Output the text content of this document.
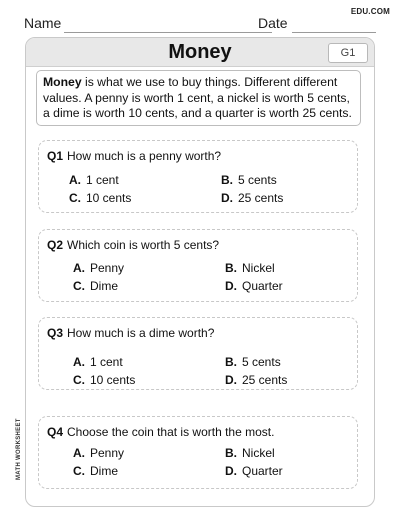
EDU.COM
Name	Date
Money	G1
Money is what we use to buy things. Different different values. A penny is worth 1 cent, a nickel is worth 5 cents, a dime is worth 10 cents, and a quarter is worth 25 cents.
Q1 How much is a penny worth?
A. 1 cent	B. 5 cents
C. 10 cents	D. 25 cents
Q2 Which coin is worth 5 cents?
A. Penny	B. Nickel
C. Dime	D. Quarter
Q3 How much is a dime worth?
A. 1 cent	B. 5 cents
C. 10 cents	D. 25 cents
Q4 Choose the coin that is worth the most.
A. Penny	B. Nickel
C. Dime	D. Quarter
MATH WORKSHEET
